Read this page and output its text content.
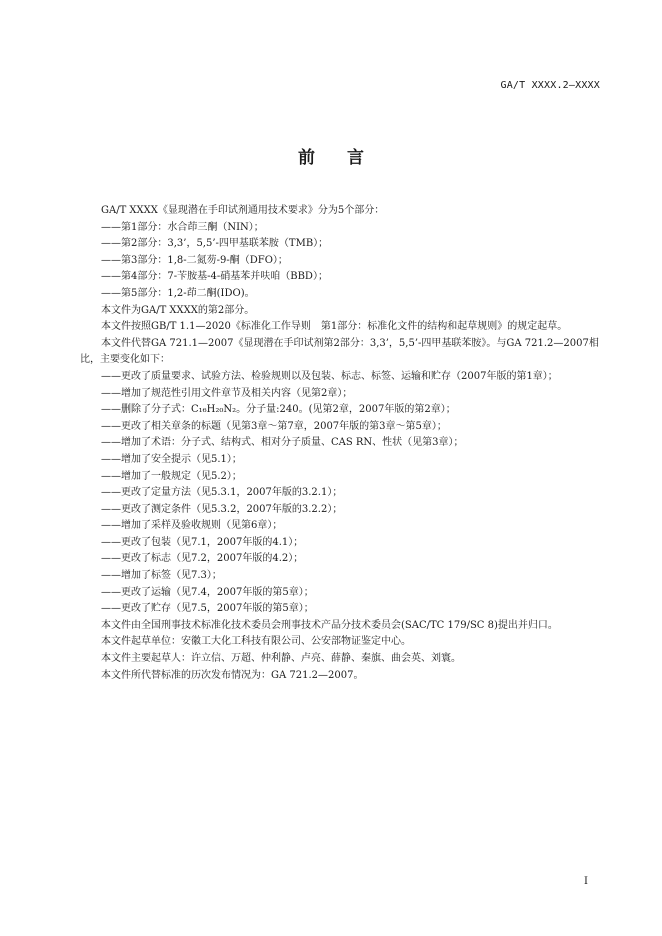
GA/T XXXX.2—XXXX
前言

GA/T XXXX《显现潜在手印试剂通用技术要求》分为5个部分：

——第1部分：水合茚三酮（NIN）；

——第2部分：3,3’，5,5’-四甲基联苯胺（TMB）；

——第3部分：1,8-二氮芴-9-酮（DFO）；

——第4部分：7-苄胺基-4-硝基苯并呋咱（BBD）；

——第5部分：1,2-茚二酮(IDO)。

本文件为GA/T XXXX的第2部分。

本文件按照GB/T 1.1—2020《标准化工作导则　第1部分：标准化文件的结构和起草规则》的规定起草。

本文件代替GA 721.1—2007《显现潜在手印试剂第2部分：3,3’，5,5’-四甲基联苯胺》。与GA 721.2—2007相比，主要变化如下：

——更改了质量要求、试验方法、检验规则以及包装、标志、标签、运输和贮存（2007年版的第1章）；

——增加了规范性引用文件章节及相关内容（见第2章）；

——删除了分子式：C₁₆H₂₀N₂。分子量:240。(见第2章，2007年版的第2章）；

——更改了相关章条的标题（见第3章～第7章，2007年版的第3章～第5章）；

——增加了术语：分子式、结构式、相对分子质量、CAS RN、性状（见第3章）；

——增加了安全提示（见5.1）；

——增加了一般规定（见5.2）；

——更改了定量方法（见5.3.1，2007年版的3.2.1）；

——更改了测定条件（见5.3.2，2007年版的3.2.2）；

——增加了采样及验收规则（见第6章）；

——更改了包装（见7.1，2007年版的4.1）；

——更改了标志（见7.2，2007年版的4.2）；

——增加了标签（见7.3）；

——更改了运输（见7.4，2007年版的第5章）；

——更改了贮存（见7.5，2007年版的第5章）；

本文件由全国刑事技术标准化技术委员会刑事技术产品分技术委员会(SAC/TC 179/SC 8)提出并归口。

本文件起草单位：安徽工大化工科技有限公司、公安部物证鉴定中心。

本文件主要起草人：许立信、万超、仲利静、卢亮、薛静、秦旗、曲会英、刘寰。

本文件所代替标准的历次发布情况为：GA 721.2—2007。

I
